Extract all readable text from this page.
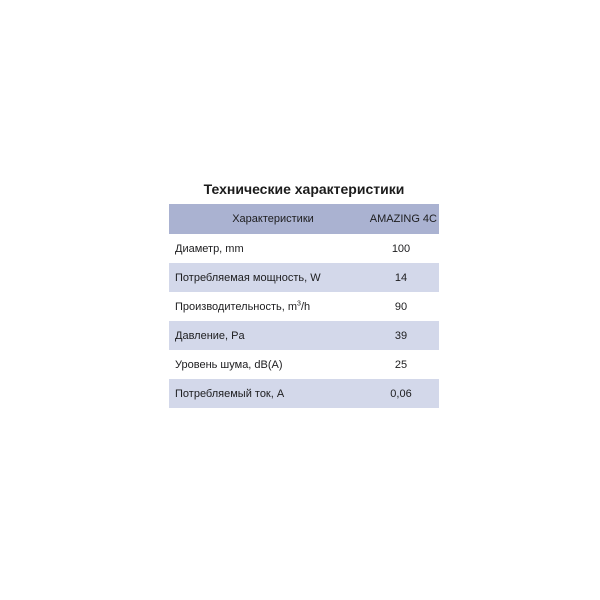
Технические характеристики
Характеристики	AMAZING 4C
Диаметр, mm	100
Потребляемая мощность, W	14
Производительность, $m^3/h$	90
Давление, Pa	39
Уровень шума, dB(A)	25
Потребляемый ток, A	0,06
